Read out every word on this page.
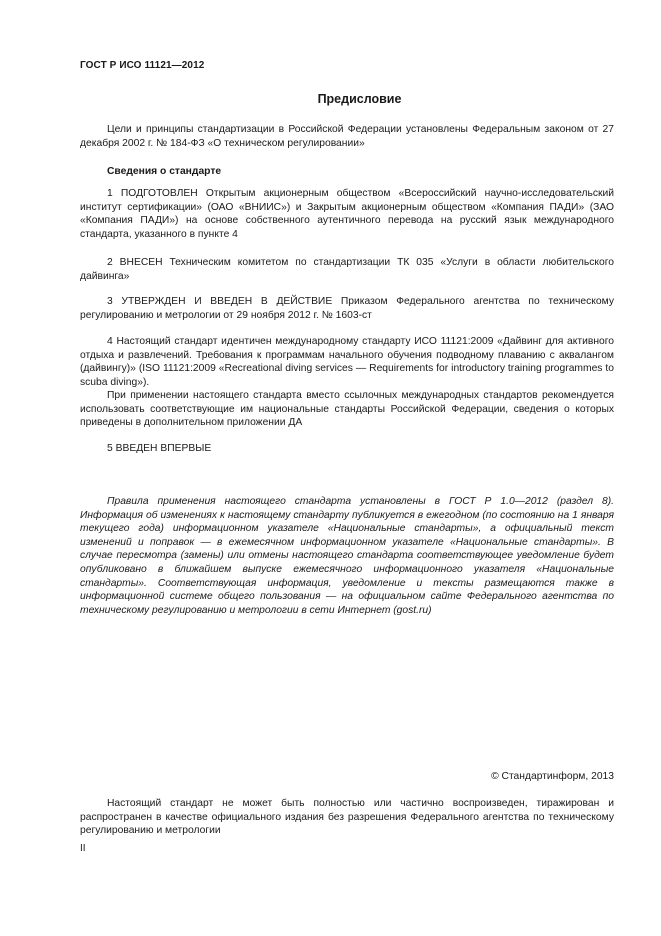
ГОСТ Р ИСО 11121—2012
Предисловие

Цели и принципы стандартизации в Российской Федерации установлены Федеральным законом от 27 декабря 2002 г. № 184-ФЗ «О техническом регулировании»

Сведения о стандарте

1 ПОДГОТОВЛЕН Открытым акционерным обществом «Всероссийский научно-исследовательский институт сертификации» (ОАО «ВНИИС») и Закрытым акционерным обществом «Компания ПАДИ» (ЗАО «Компания ПАДИ») на основе собственного аутентичного перевода на русский язык международного стандарта, указанного в пункте 4

2 ВНЕСЕН Техническим комитетом по стандартизации ТК 035 «Услуги в области любительского дайвинга»

3 УТВЕРЖДЕН И ВВЕДЕН В ДЕЙСТВИЕ Приказом Федерального агентства по техническому регулированию и метрологии от 29 ноября 2012 г. № 1603-ст

4 Настоящий стандарт идентичен международному стандарту ИСО 11121:2009 «Дайвинг для активного отдыха и развлечений. Требования к программам начального обучения подводному плаванию с аквалангом (дайвингу)» (ISO 11121:2009 «Recreational diving services — Requirements for introductory training programmes to scuba diving»).

При применении настоящего стандарта вместо ссылочных международных стандартов рекомендуется использовать соответствующие им национальные стандарты Российской Федерации, сведения о которых приведены в дополнительном приложении ДА

5 ВВЕДЕН ВПЕРВЫЕ

Правила применения настоящего стандарта установлены в ГОСТ Р 1.0—2012 (раздел 8). Информация об изменениях к настоящему стандарту публикуется в ежегодном (по состоянию на 1 января текущего года) информационном указателе «Национальные стандарты», а официальный текст изменений и поправок — в ежемесячном информационном указателе «Национальные стандарты». В случае пересмотра (замены) или отмены настоящего стандарта соответствующее уведомление будет опубликовано в ближайшем выпуске ежемесячного информационного указателя «Национальные стандарты». Соответствующая информация, уведомление и тексты размещаются также в информационной системе общего пользования — на официальном сайте Федерального агентства по техническому регулированию и метрологии в сети Интернет (gost.ru)

© Стандартинформ, 2013

Настоящий стандарт не может быть полностью или частично воспроизведен, тиражирован и распространен в качестве официального издания без разрешения Федерального агентства по техническому регулированию и метрологии

II
